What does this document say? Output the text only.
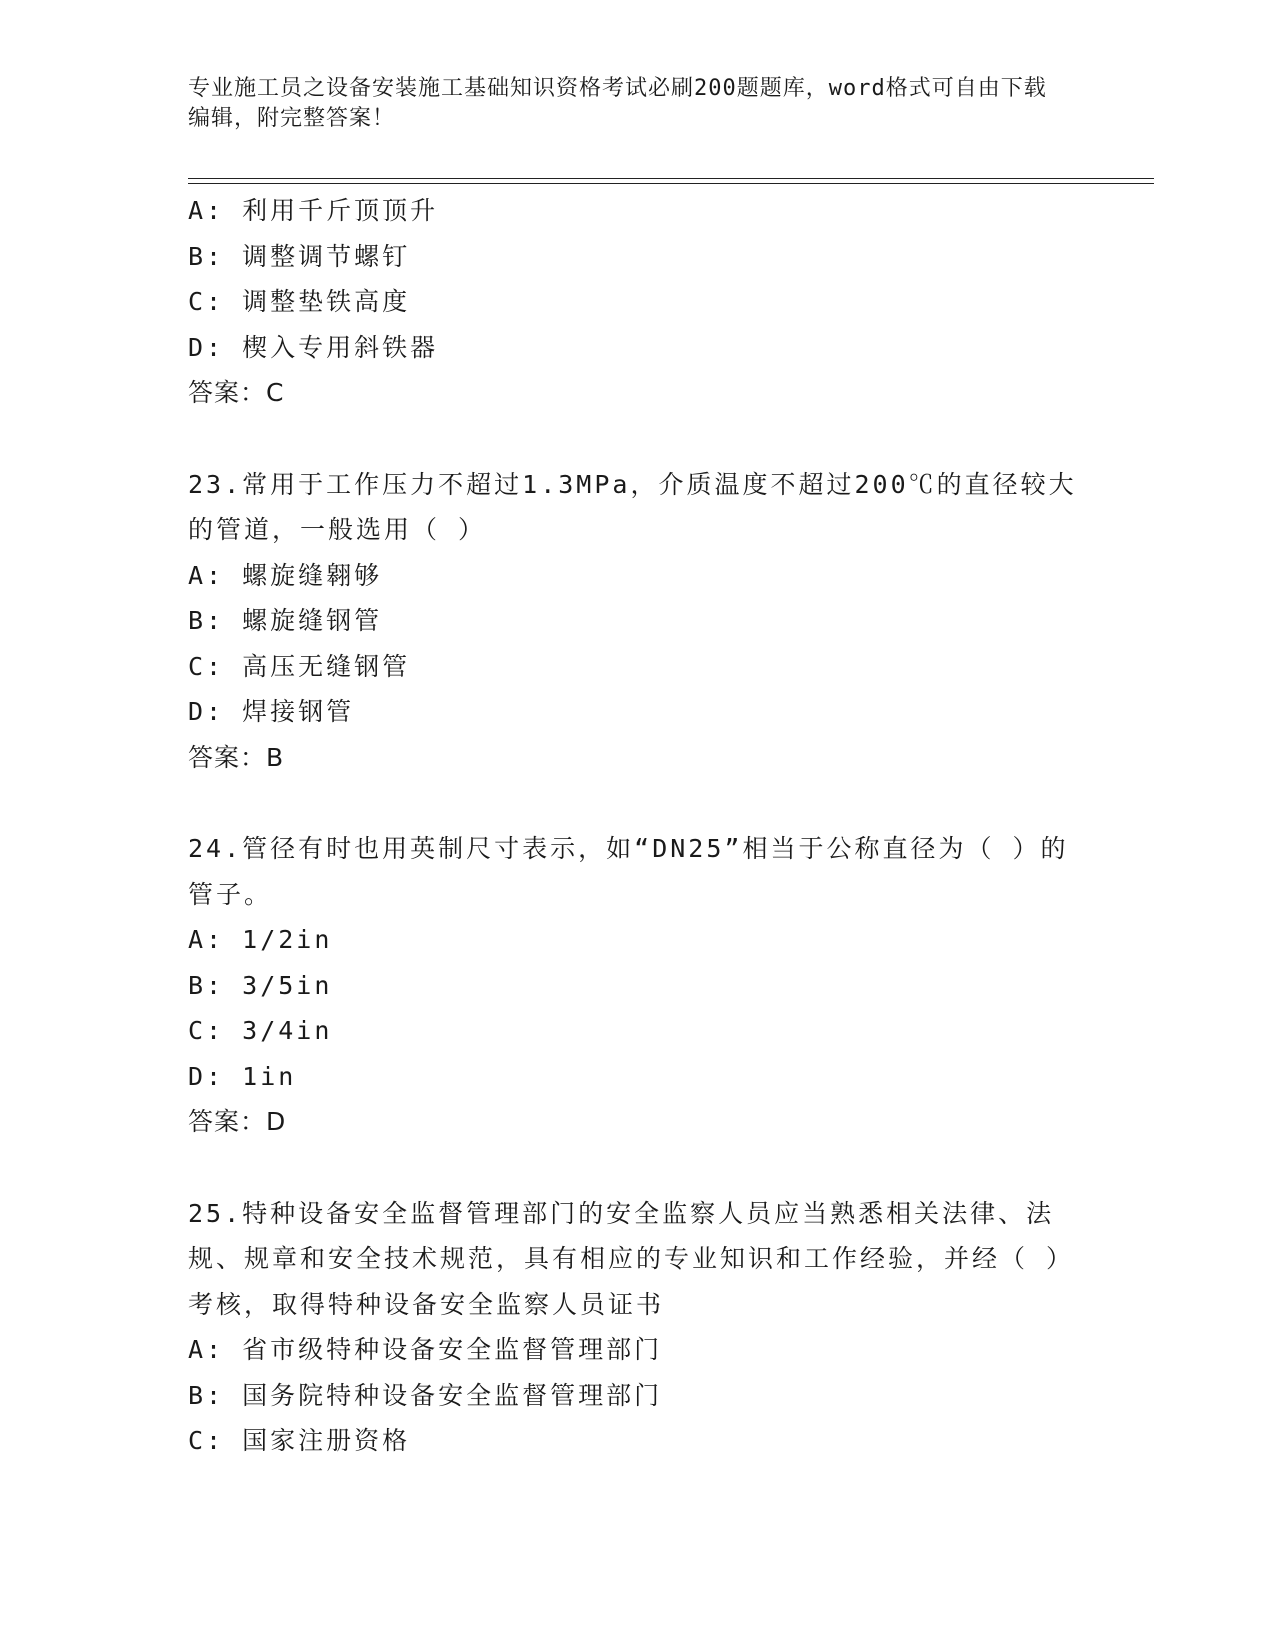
专业施工员之设备安装施工基础知识资格考试必刷200题题库，word格式可自由下载编辑，附完整答案！
A: 利用千斤顶顶升
B: 调整调节螺钉
C: 调整垫铁高度
D: 楔入专用斜铁器
答案：C
23.常用于工作压力不超过1.3MPa，介质温度不超过200℃的直径较大的管道，一般选用（ ）
A: 螺旋缝翱够
B: 螺旋缝钢管
C: 高压无缝钢管
D: 焊接钢管
答案：B
24.管径有时也用英制尺寸表示，如“DN25”相当于公称直径为（ ）的管子。
A: 1/2in
B: 3/5in
C: 3/4in
D: 1in
答案：D
25.特种设备安全监督管理部门的安全监察人员应当熟悉相关法律、法规、规章和安全技术规范，具有相应的专业知识和工作经验，并经（ ）考核，取得特种设备安全监察人员证书
A: 省市级特种设备安全监督管理部门
B: 国务院特种设备安全监督管理部门
C: 国家注册资格
